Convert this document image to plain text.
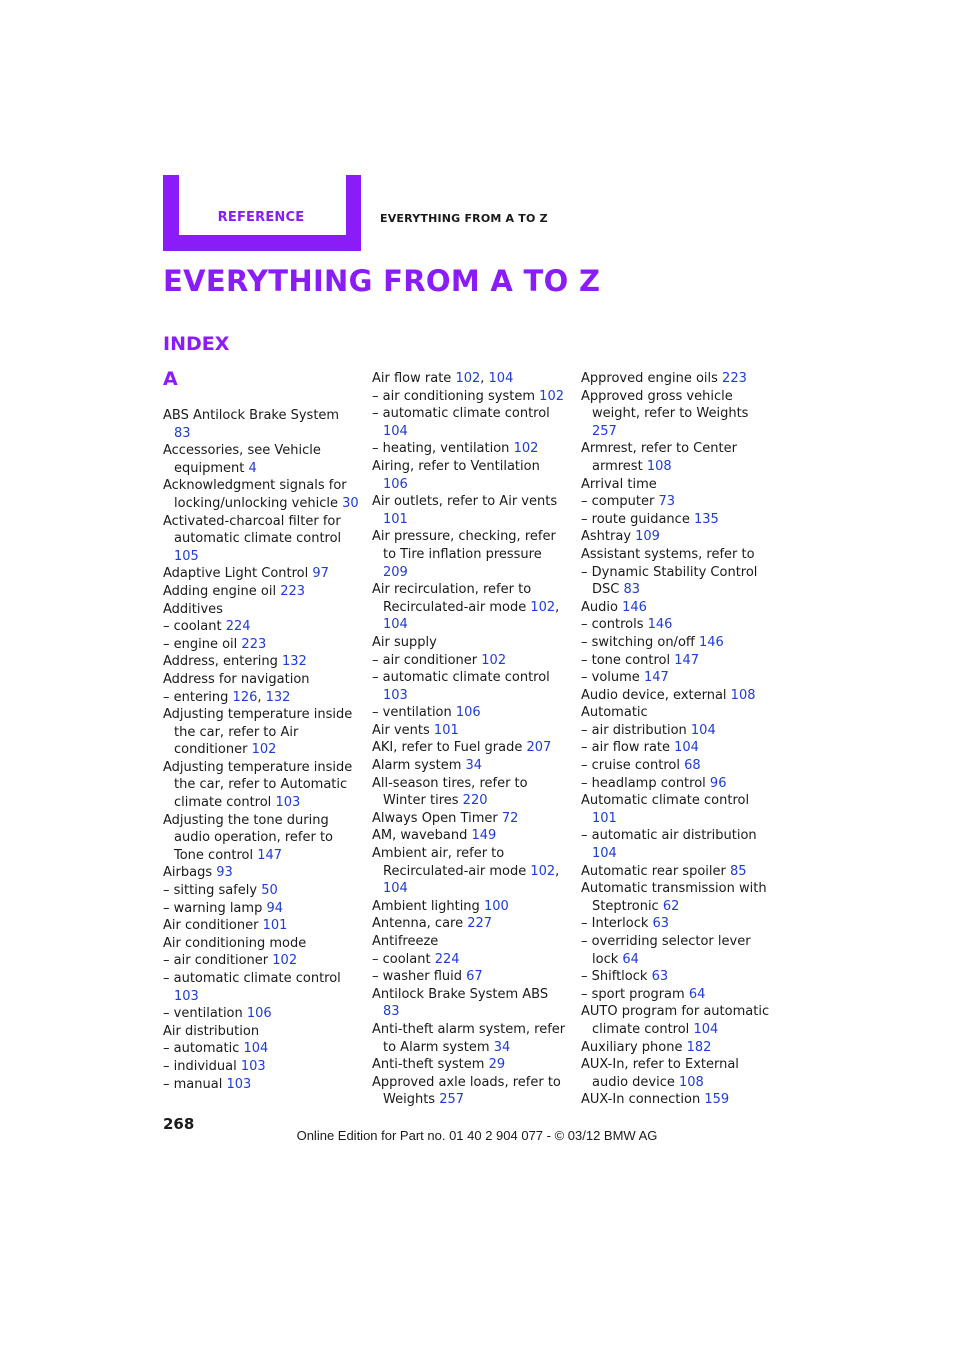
REFERENCE	EVERYTHING FROM A TO Z
EVERYTHING FROM A TO Z
INDEX
A
ABS Antilock Brake System 83
Accessories, see Vehicle equipment 4
Acknowledgment signals for locking/unlocking vehicle 30
Activated-charcoal filter for automatic climate control 105
Adaptive Light Control 97
Adding engine oil 223
Additives
– coolant 224
– engine oil 223
Address, entering 132
Address for navigation
– entering 126, 132
Adjusting temperature inside the car, refer to Air conditioner 102
Adjusting temperature inside the car, refer to Automatic climate control 103
Adjusting the tone during audio operation, refer to Tone control 147
Airbags 93
– sitting safely 50
– warning lamp 94
Air conditioner 101
Air conditioning mode
– air conditioner 102
– automatic climate control 103
– ventilation 106
Air distribution
– automatic 104
– individual 103
– manual 103
Air flow rate 102, 104
– air conditioning system 102
– automatic climate control 104
– heating, ventilation 102
Airing, refer to Ventilation 106
Air outlets, refer to Air vents 101
Air pressure, checking, refer to Tire inflation pressure 209
Air recirculation, refer to Recirculated-air mode 102, 104
Air supply
– air conditioner 102
– automatic climate control 103
– ventilation 106
Air vents 101
AKI, refer to Fuel grade 207
Alarm system 34
All-season tires, refer to Winter tires 220
Always Open Timer 72
AM, waveband 149
Ambient air, refer to Recirculated-air mode 102, 104
Ambient lighting 100
Antenna, care 227
Antifreeze
– coolant 224
– washer fluid 67
Antilock Brake System ABS 83
Anti-theft alarm system, refer to Alarm system 34
Anti-theft system 29
Approved axle loads, refer to Weights 257
Approved engine oils 223
Approved gross vehicle weight, refer to Weights 257
Armrest, refer to Center armrest 108
Arrival time
– computer 73
– route guidance 135
Ashtray 109
Assistant systems, refer to
– Dynamic Stability Control DSC 83
Audio 146
– controls 146
– switching on/off 146
– tone control 147
– volume 147
Audio device, external 108
Automatic
– air distribution 104
– air flow rate 104
– cruise control 68
– headlamp control 96
Automatic climate control 101
– automatic air distribution 104
Automatic rear spoiler 85
Automatic transmission with Steptronic 62
– Interlock 63
– overriding selector lever lock 64
– Shiftlock 63
– sport program 64
AUTO program for automatic climate control 104
Auxiliary phone 182
AUX-In, refer to External audio device 108
AUX-In connection 159
268
Online Edition for Part no. 01 40 2 904 077 - © 03/12 BMW AG
